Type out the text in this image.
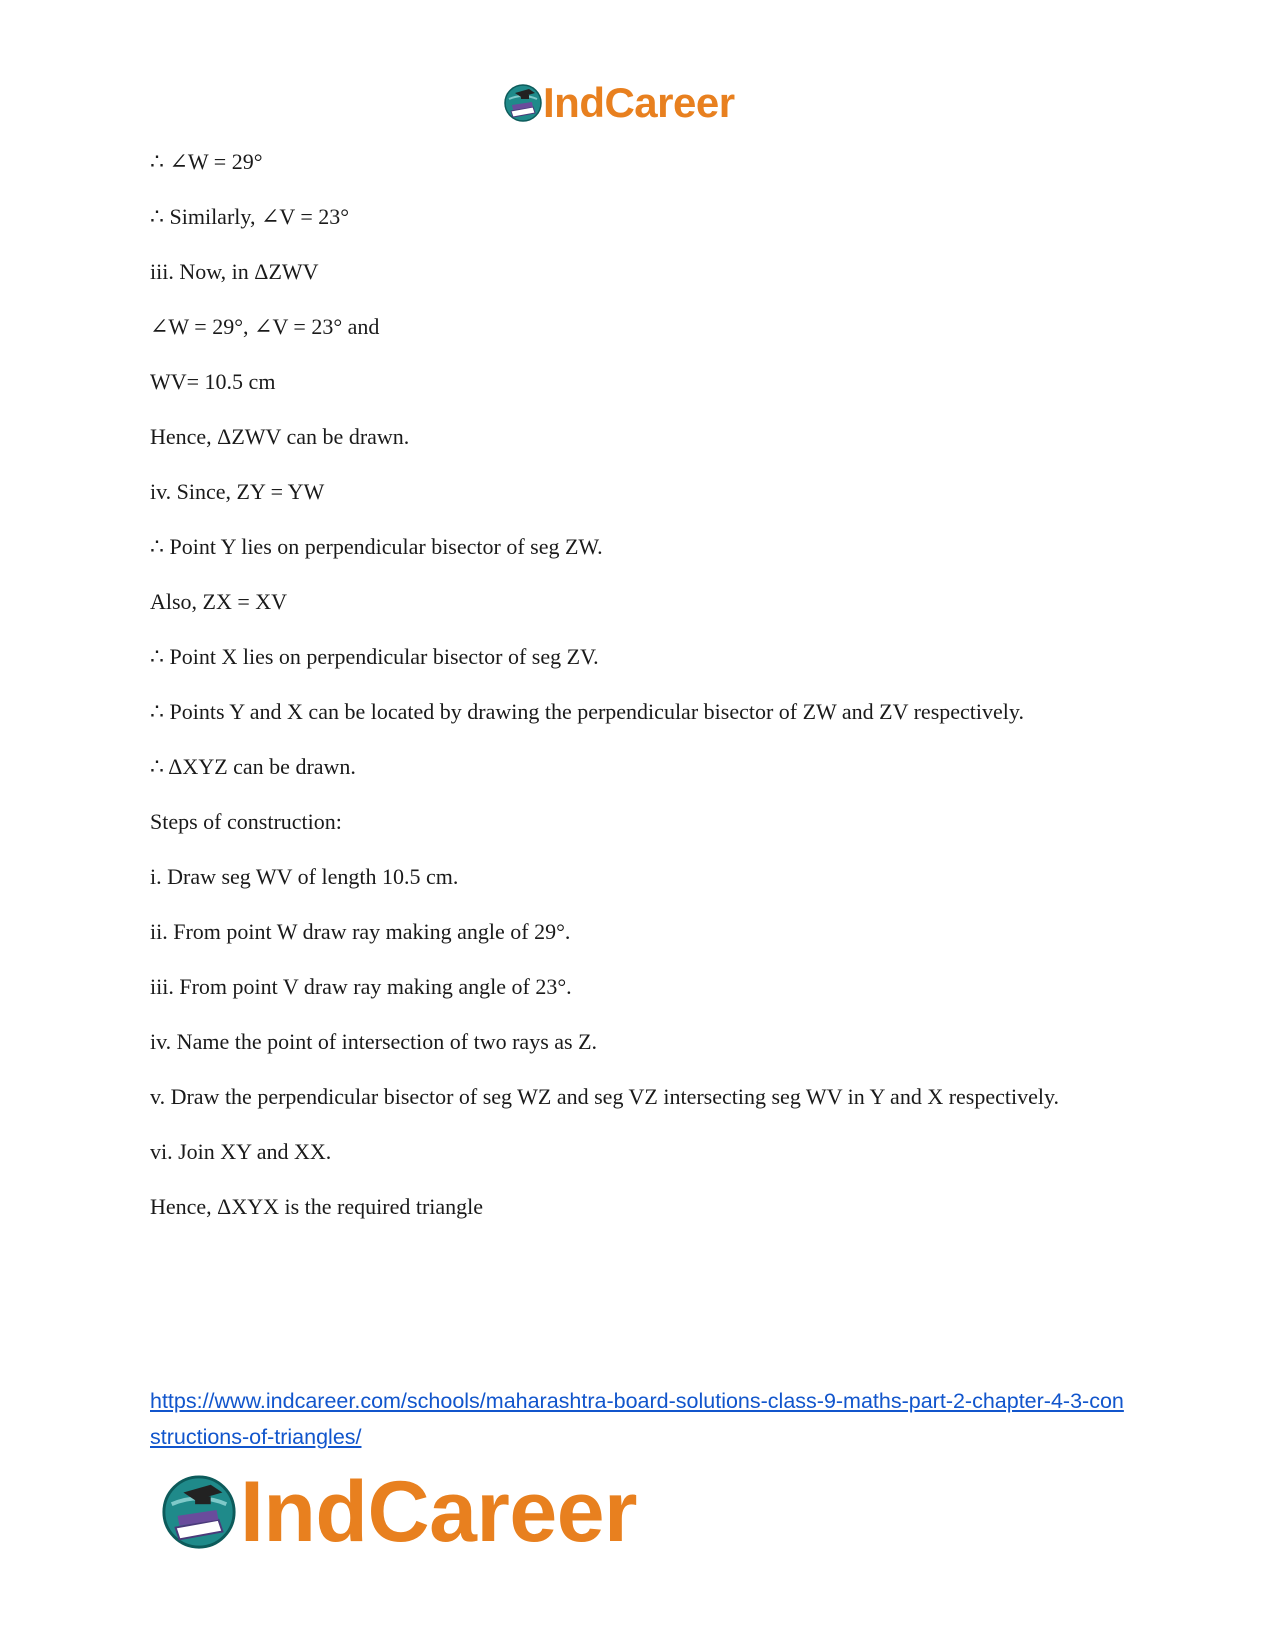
IndCareer

∴ ∠W = 29°

∴ Similarly, ∠V = 23°

iii. Now, in ΔZWV

∠W = 29°, ∠V = 23° and

WV= 10.5 cm

Hence, ΔZWV can be drawn.

iv. Since, ZY = YW

∴ Point Y lies on perpendicular bisector of seg ZW.

Also, ZX = XV

∴ Point X lies on perpendicular bisector of seg ZV.

∴ Points Y and X can be located by drawing the perpendicular bisector of ZW and ZV respectively.

∴ ΔXYZ can be drawn.

Steps of construction:

i. Draw seg WV of length 10.5 cm.

ii. From point W draw ray making angle of 29°.

iii. From point V draw ray making angle of 23°.

iv. Name the point of intersection of two rays as Z.

v. Draw the perpendicular bisector of seg WZ and seg VZ intersecting seg WV in Y and X respectively.

vi. Join XY and XX.

Hence, ΔXYX is the required triangle

https://www.indcareer.com/schools/maharashtra-board-solutions-class-9-maths-part-2-chapter-4-3-constructions-of-triangles/
IndCareer
